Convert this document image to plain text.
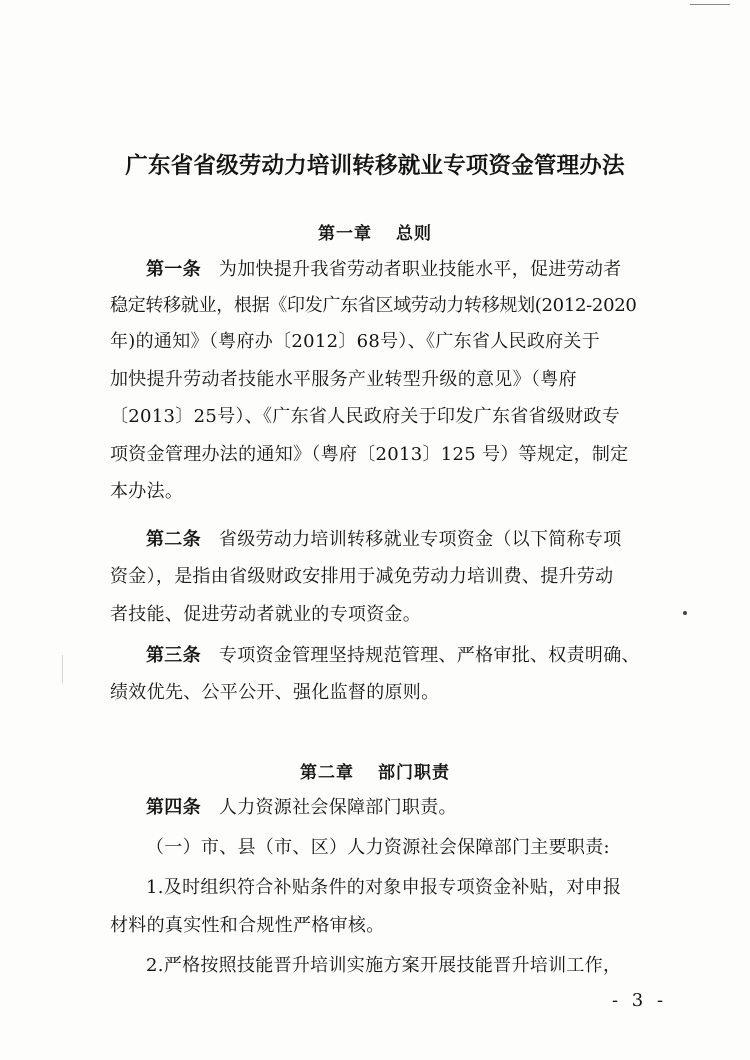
广东省省级劳动力培训转移就业专项资金管理办法
第一章 总则
第一条 为加快提升我省劳动者职业技能水平，促进劳动者
稳定转移就业，根据《印发广东省区域劳动力转移规划(2012-2020
年)的通知》（粤府办〔2012〕68号）、《广东省人民政府关于
加快提升劳动者技能水平服务产业转型升级的意见》（粤府
〔2013〕25号）、《广东省人民政府关于印发广东省省级财政专
项资金管理办法的通知》（粤府〔2013〕125 号）等规定，制定
本办法。
第二条 省级劳动力培训转移就业专项资金（以下简称专项
资金），是指由省级财政安排用于减免劳动力培训费、提升劳动
者技能、促进劳动者就业的专项资金。
第三条 专项资金管理坚持规范管理、严格审批、权责明确、
绩效优先、公平公开、强化监督的原则。
第二章 部门职责
第四条 人力资源社会保障部门职责。
（一）市、县（市、区）人力资源社会保障部门主要职责:
1.及时组织符合补贴条件的对象申报专项资金补贴，对申报
材料的真实性和合规性严格审核。
2.严格按照技能晋升培训实施方案开展技能晋升培训工作，
- 3 -
